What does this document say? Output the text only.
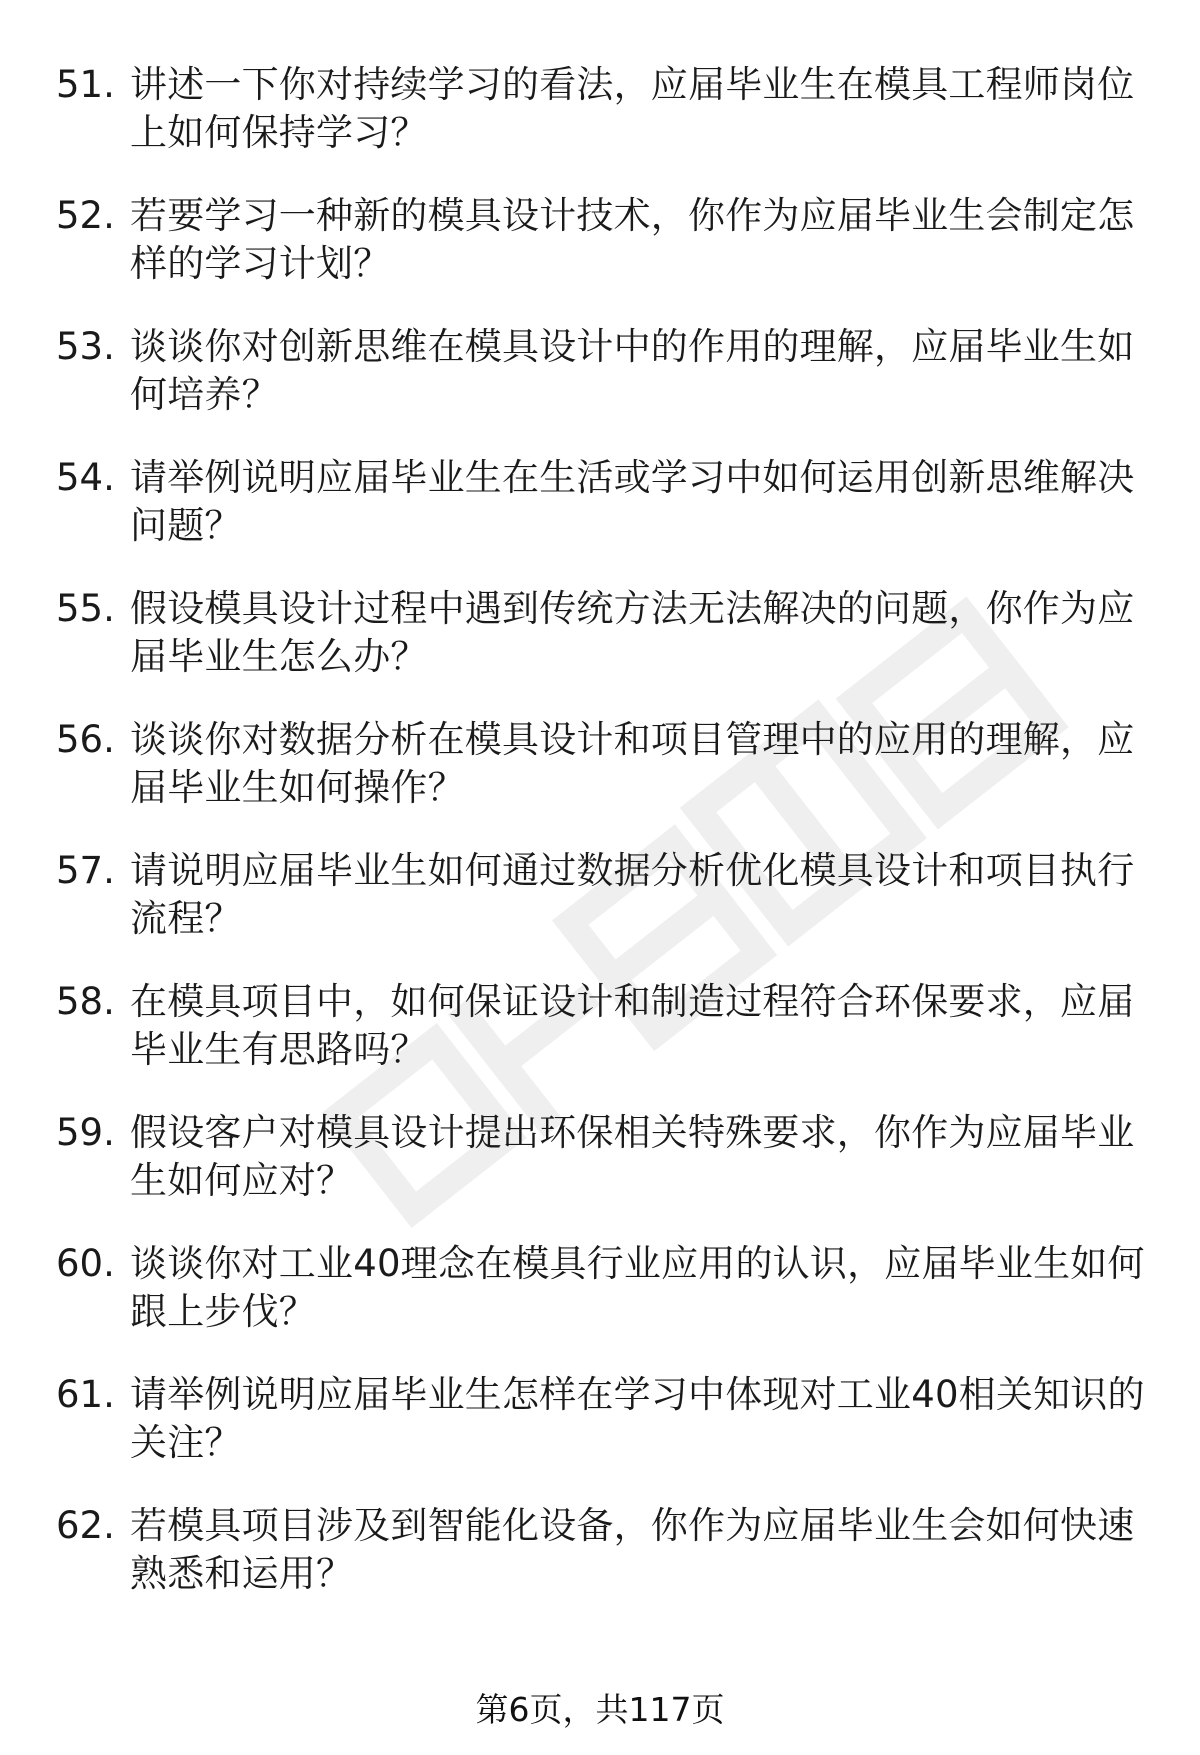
51. 讲述一下你对持续学习的看法，应届毕业生在模具工程师岗位上如何保持学习？
52. 若要学习一种新的模具设计技术，你作为应届毕业生会制定怎样的学习计划？
53. 谈谈你对创新思维在模具设计中的作用的理解，应届毕业生如何培养？
54. 请举例说明应届毕业生在生活或学习中如何运用创新思维解决问题？
55. 假设模具设计过程中遇到传统方法无法解决的问题，你作为应届毕业生怎么办？
56. 谈谈你对数据分析在模具设计和项目管理中的应用的理解，应届毕业生如何操作？
57. 请说明应届毕业生如何通过数据分析优化模具设计和项目执行流程？
58. 在模具项目中，如何保证设计和制造过程符合环保要求，应届毕业生有思路吗？
59. 假设客户对模具设计提出环保相关特殊要求，你作为应届毕业生如何应对？
60. 谈谈你对工业40理念在模具行业应用的认识，应届毕业生如何跟上步伐？
61. 请举例说明应届毕业生怎样在学习中体现对工业40相关知识的关注？
62. 若模具项目涉及到智能化设备，你作为应届毕业生会如何快速熟悉和运用？
第6页，共117页
